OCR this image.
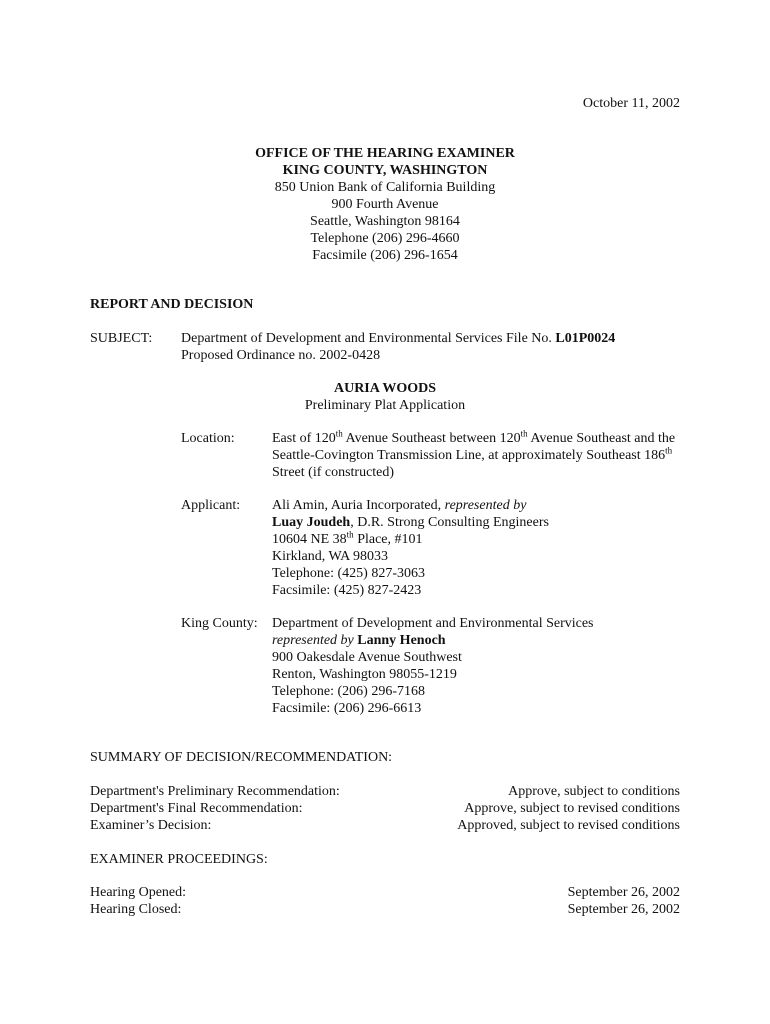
October 11, 2002
OFFICE OF THE HEARING EXAMINER
KING COUNTY, WASHINGTON
850 Union Bank of California Building
900 Fourth Avenue
Seattle, Washington 98164
Telephone (206) 296-4660
Facsimile (206) 296-1654
REPORT AND DECISION
SUBJECT: Department of Development and Environmental Services File No. L01P0024
Proposed Ordinance no. 2002-0428
AURIA WOODS
Preliminary Plat Application
Location:	East of 120th Avenue Southeast between 120th Avenue Southeast and the
Seattle-Covington Transmission Line, at approximately Southeast 186th
Street (if constructed)
Applicant: Ali Amin, Auria Incorporated, represented by
Luay Joudeh, D.R. Strong Consulting Engineers
10604 NE 38th Place, #101
Kirkland, WA 98033
Telephone: (425) 827-3063
Facsimile: (425) 827-2423
King County: Department of Development and Environmental Services
represented by Lanny Henoch
900 Oakesdale Avenue Southwest
Renton, Washington 98055-1219
Telephone: (206) 296-7168
Facsimile: (206) 296-6613
SUMMARY OF DECISION/RECOMMENDATION:
Department's Preliminary Recommendation:	Approve, subject to conditions
Department's Final Recommendation:	Approve, subject to revised conditions
Examiner’s Decision:	Approved, subject to revised conditions
EXAMINER PROCEEDINGS:
Hearing Opened:	September 26, 2002
Hearing Closed:	September 26, 2002
